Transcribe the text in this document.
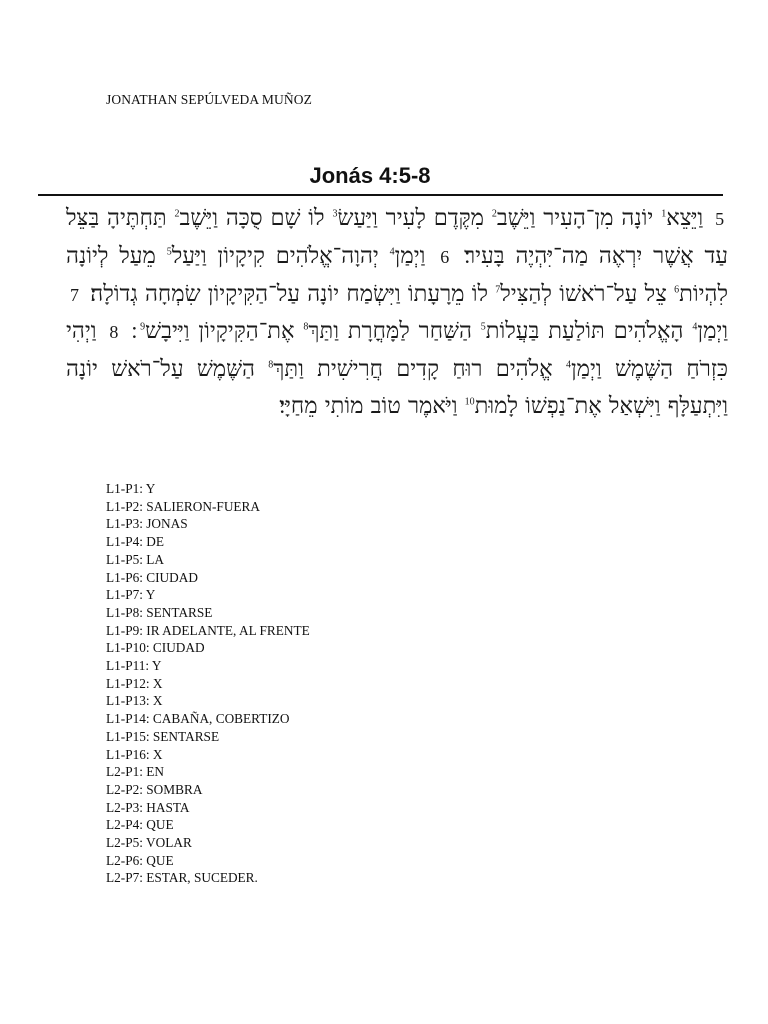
JONATHAN SEPÚLVEDA MUÑOZ
Jonás 4:5-8
5 וַיֵּצֵא$^1$ יוֹנָה מִן־הָעִיר וַיֵּשֶׁב$^2$ מִקֶּדֶם לָעִיר וַיַּעַשׂ$^3$ לוֹ שָׁם סֻכָּה וַיֵּשֶׁב$^2$ תַּחְתֶּיהָ בַּצֵּל עַד אֲשֶׁר יִרְאֶה מַה־יִּהְיֶה בָּעִיר׃ 6 וַיְמַן$^4$ יְהוָה־אֱלֹהִים קִיקָיוֹן וַיַּעַל$^5$ מֵעַל לְיוֹנָה לִהְיוֹת$^6$ צֵל עַל־רֹאשׁוֹ לְהַצִּיל$^7$ לוֹ מֵרָעָתוֹ וַיִּשְׂמַח יוֹנָה עַל־הַקִּיקָיוֹן שִׂמְחָה גְדוֹלָה׃ 7 וַיְמַן$^4$ הָאֱלֹהִים תּוֹלַעַת בַּעֲלוֹת$^5$ הַשַּׁחַר לַמָּחֳרָת וַתַּךְ$^8$ אֶת־הַקִּיקָיוֹן וַיִּיבָשׁ$^9$ 8 וַיְהִי כִּזְרֹחַ הַשֶּׁמֶשׁ וַיְמַן$^4$ אֱלֹהִים רוּחַ קָדִים חֲרִישִׁית וַתַּךְ$^8$ הַשֶּׁמֶשׁ עַל־רֹאשׁ יוֹנָה וַיִּתְעַלָּף וַיִּשְׁאַל אֶת־נַפְשׁוֹ לָמוּת$^{10}$ וַיֹּאמֶר טוֹב מוֹתִי מֵחַיָּי׃
L1-P1: Y
L1-P2: SALIERON-FUERA
L1-P3: JONAS
L1-P4: DE
L1-P5: LA
L1-P6: CIUDAD
L1-P7: Y
L1-P8: SENTARSE
L1-P9: IR ADELANTE, AL FRENTE
L1-P10: CIUDAD
L1-P11: Y
L1-P12: X
L1-P13: X
L1-P14: CABAÑA, COBERTIZO
L1-P15: SENTARSE
L1-P16: X
L2-P1: EN
L2-P2: SOMBRA
L2-P3: HASTA
L2-P4: QUE
L2-P5: VOLAR
L2-P6: QUE
L2-P7: ESTAR, SUCEDER.
